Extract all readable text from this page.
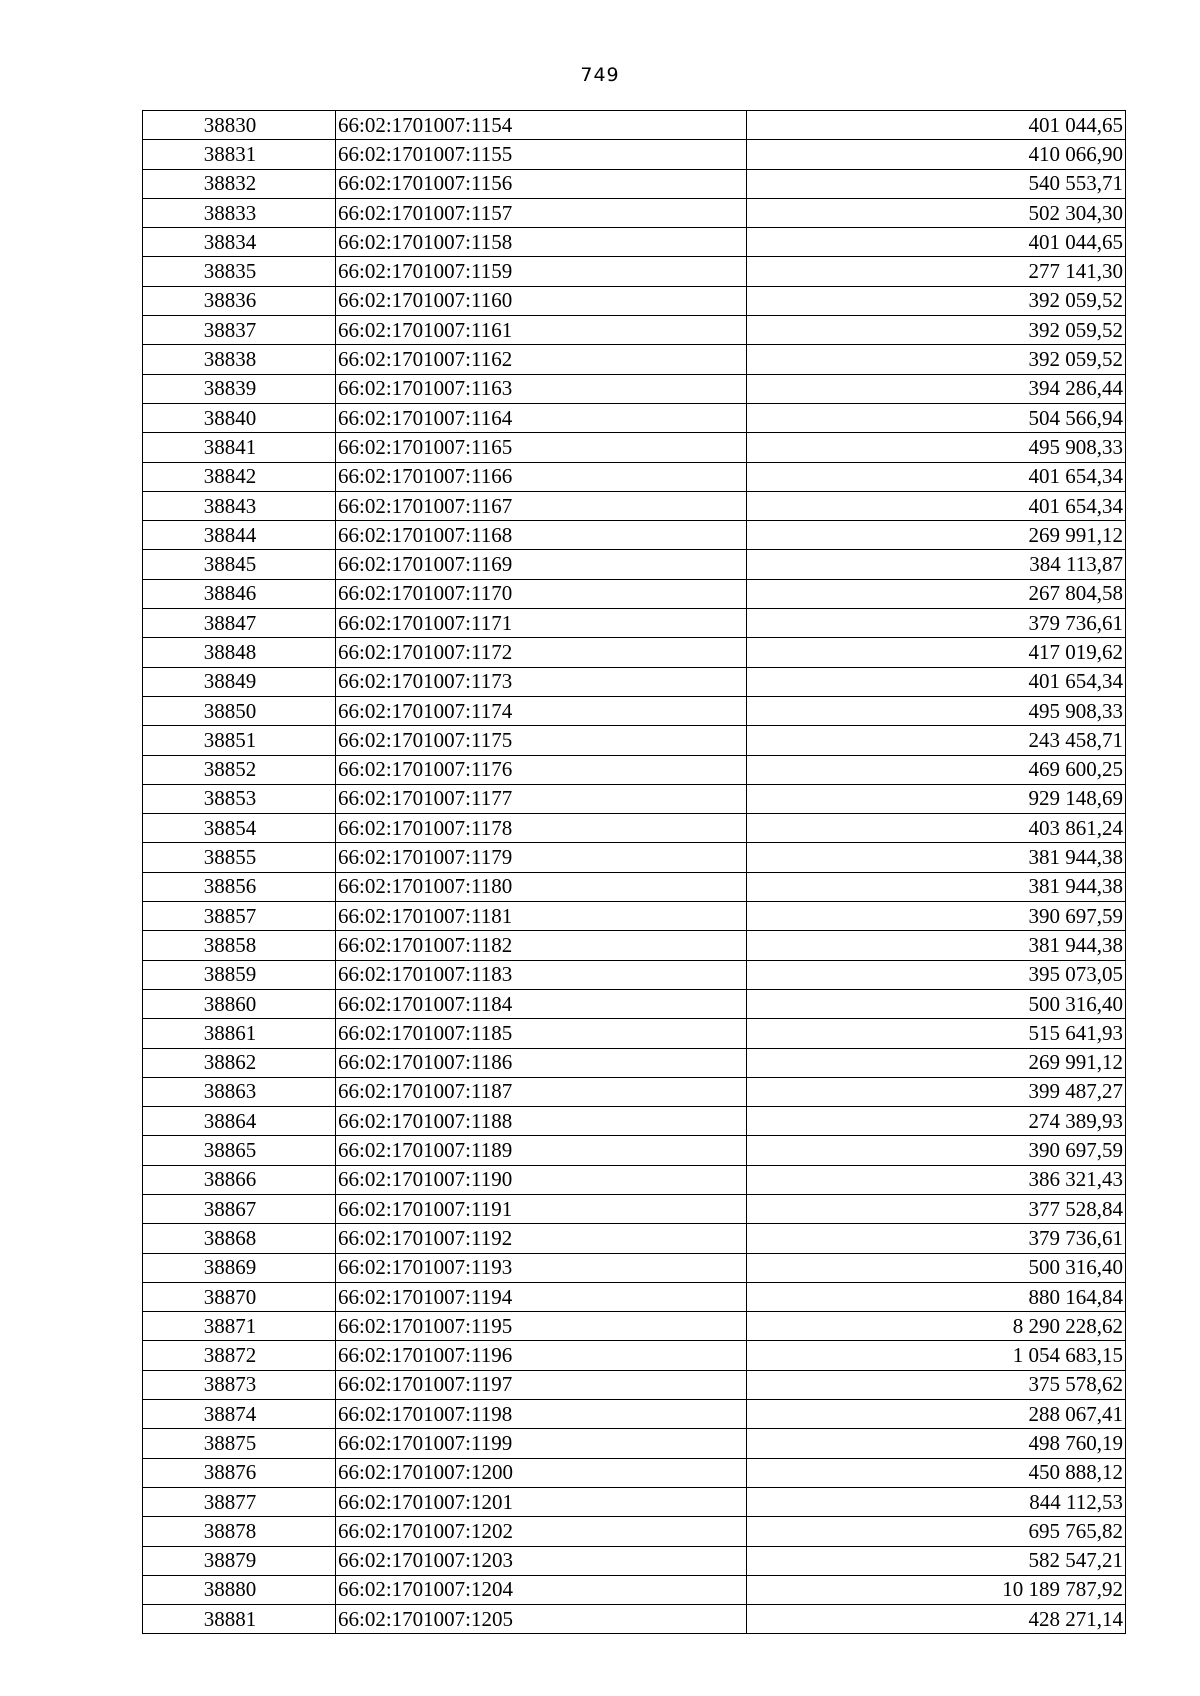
749
38830	66:02:1701007:1154	401 044,65
38831	66:02:1701007:1155	410 066,90
38832	66:02:1701007:1156	540 553,71
38833	66:02:1701007:1157	502 304,30
38834	66:02:1701007:1158	401 044,65
38835	66:02:1701007:1159	277 141,30
38836	66:02:1701007:1160	392 059,52
38837	66:02:1701007:1161	392 059,52
38838	66:02:1701007:1162	392 059,52
38839	66:02:1701007:1163	394 286,44
38840	66:02:1701007:1164	504 566,94
38841	66:02:1701007:1165	495 908,33
38842	66:02:1701007:1166	401 654,34
38843	66:02:1701007:1167	401 654,34
38844	66:02:1701007:1168	269 991,12
38845	66:02:1701007:1169	384 113,87
38846	66:02:1701007:1170	267 804,58
38847	66:02:1701007:1171	379 736,61
38848	66:02:1701007:1172	417 019,62
38849	66:02:1701007:1173	401 654,34
38850	66:02:1701007:1174	495 908,33
38851	66:02:1701007:1175	243 458,71
38852	66:02:1701007:1176	469 600,25
38853	66:02:1701007:1177	929 148,69
38854	66:02:1701007:1178	403 861,24
38855	66:02:1701007:1179	381 944,38
38856	66:02:1701007:1180	381 944,38
38857	66:02:1701007:1181	390 697,59
38858	66:02:1701007:1182	381 944,38
38859	66:02:1701007:1183	395 073,05
38860	66:02:1701007:1184	500 316,40
38861	66:02:1701007:1185	515 641,93
38862	66:02:1701007:1186	269 991,12
38863	66:02:1701007:1187	399 487,27
38864	66:02:1701007:1188	274 389,93
38865	66:02:1701007:1189	390 697,59
38866	66:02:1701007:1190	386 321,43
38867	66:02:1701007:1191	377 528,84
38868	66:02:1701007:1192	379 736,61
38869	66:02:1701007:1193	500 316,40
38870	66:02:1701007:1194	880 164,84
38871	66:02:1701007:1195	8 290 228,62
38872	66:02:1701007:1196	1 054 683,15
38873	66:02:1701007:1197	375 578,62
38874	66:02:1701007:1198	288 067,41
38875	66:02:1701007:1199	498 760,19
38876	66:02:1701007:1200	450 888,12
38877	66:02:1701007:1201	844 112,53
38878	66:02:1701007:1202	695 765,82
38879	66:02:1701007:1203	582 547,21
38880	66:02:1701007:1204	10 189 787,92
38881	66:02:1701007:1205	428 271,14
